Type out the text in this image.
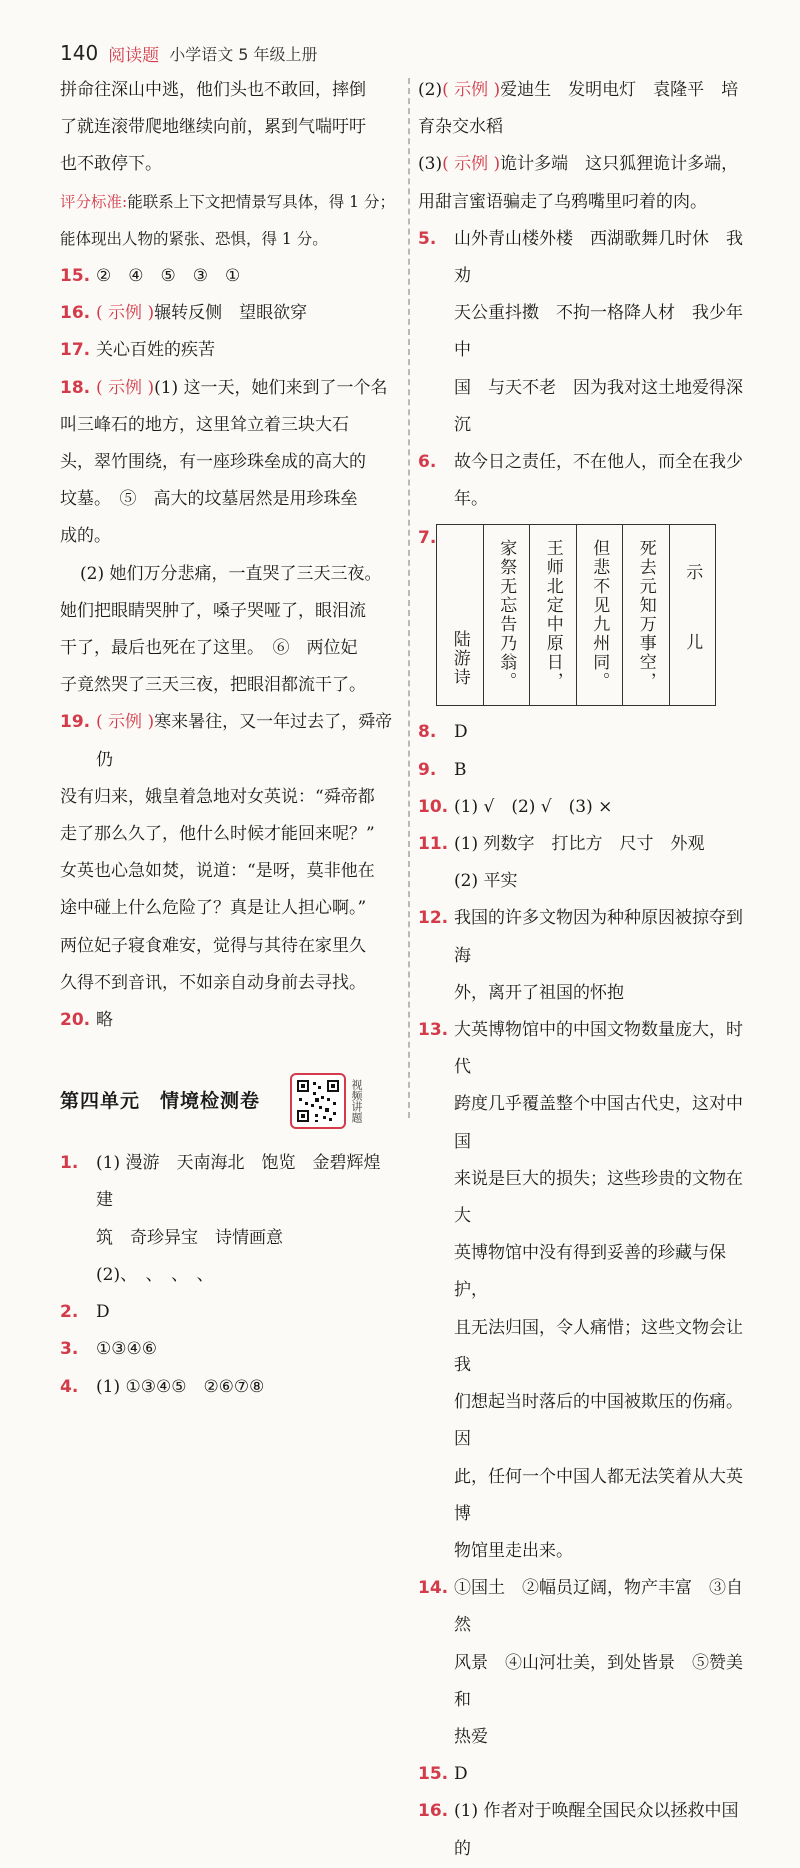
140 阅读题 小学语文 5 年级上册
拼命往深山中逃，他们头也不敢回，摔倒
了就连滚带爬地继续向前，累到气喘吁吁
也不敢停下。
评分标准:能联系上下文把情景写具体，得 1 分；
能体现出人物的紧张、恐惧，得 1 分。
15. ②　④　⑤　③　①
16. ( 示例 )辗转反侧　望眼欲穿
17. 关心百姓的疾苦
18. ( 示例 )(1) 这一天，她们来到了一个名
叫三峰石的地方，这里耸立着三块大石
头，翠竹围绕，有一座珍珠垒成的高大的
坟墓。　⑤　高大的坟墓居然是用珍珠垒
成的。
(2) 她们万分悲痛，一直哭了三天三夜。
她们把眼睛哭肿了，嗓子哭哑了，眼泪流
干了，最后也死在了这里。　⑥　两位妃
子竟然哭了三天三夜，把眼泪都流干了。
19. ( 示例 )寒来暑往，又一年过去了，舜帝仍
没有归来，娥皇着急地对女英说：“舜帝都
走了那么久了，他什么时候才能回来呢？”
女英也心急如焚，说道：“是呀，莫非他在
途中碰上什么危险了？真是让人担心啊。”
两位妃子寝食难安，觉得与其待在家里久
久得不到音讯，不如亲自动身前去寻找。
20. 略
第四单元　情境检测卷	视频讲题
1. (1) 漫游　天南海北　饱览　金碧辉煌　建
筑　奇珍异宝　诗情画意
(2)、　、　、　、
2. D
3. ①③④⑥
4. (1) ①③④⑤　②⑥⑦⑧
(2)( 示例 )爱迪生　发明电灯　袁隆平　培
育杂交水稻
(3)( 示例 )诡计多端　这只狐狸诡计多端，
用甜言蜜语骗走了乌鸦嘴里叼着的肉。
5. 山外青山楼外楼　西湖歌舞几时休　我劝
天公重抖擞　不拘一格降人材　我少年中
国　与天不老　因为我对这土地爱得深沉
6. 故今日之责任，不在他人，而全在我少年。
7.
示　儿
死去元知万事空，
但悲不见九州同。
王师北定中原日，
家祭无忘告乃翁。
陆游诗
8. D
9. B
10. (1) √　(2) √　(3) ×
11. (1) 列数字　打比方　尺寸　外观
(2) 平实
12. 我国的许多文物因为种种原因被掠夺到海
外，离开了祖国的怀抱
13. 大英博物馆中的中国文物数量庞大，时代
跨度几乎覆盖整个中国古代史，这对中国
来说是巨大的损失；这些珍贵的文物在大
英博物馆中没有得到妥善的珍藏与保护，
且无法归国，令人痛惜；这些文物会让我
们想起当时落后的中国被欺压的伤痛。因
此，任何一个中国人都无法笑着从大英博
物馆里走出来。
14. ①国土　②幅员辽阔，物产丰富　③自然
风景　④山河壮美，到处皆景　⑤赞美和
热爱
15. D
16. (1) 作者对于唤醒全国民众以拯救中国的
